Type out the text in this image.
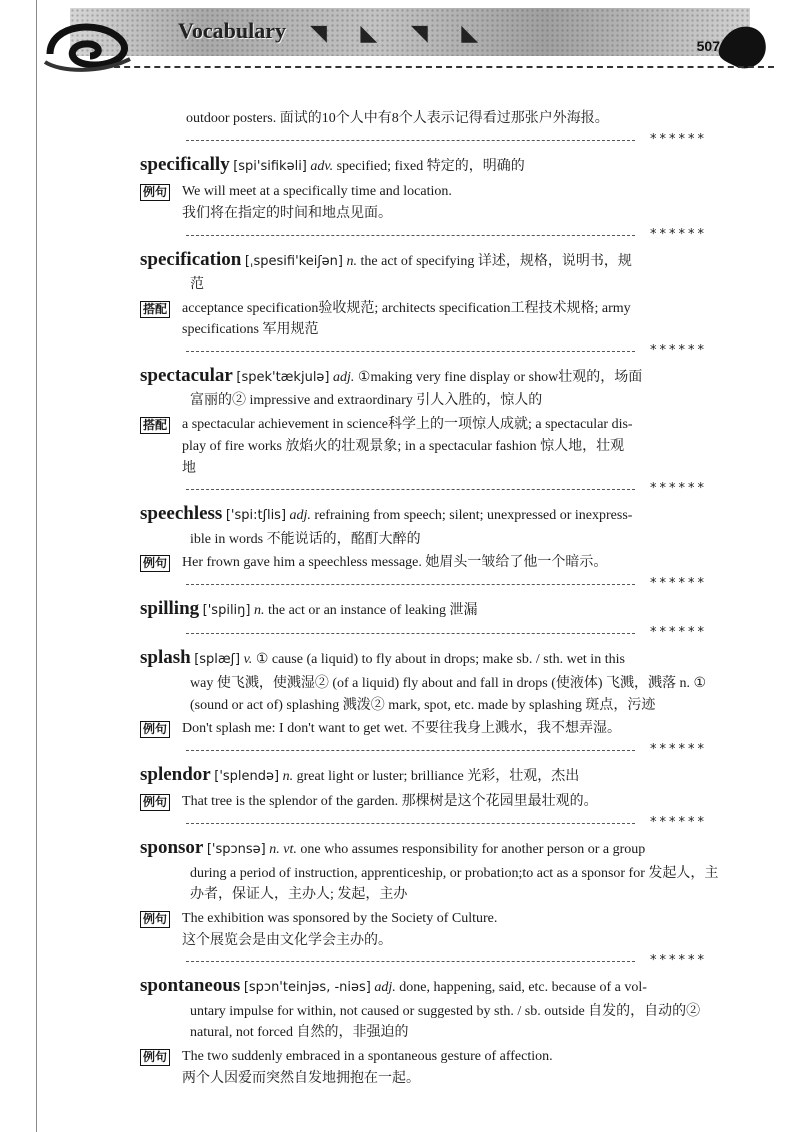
Vocabulary ◥ ◣ ◥ ◣
507
outdoor posters. 面试的10个人中有8个人表示记得看过那张户外海报。
******
specifically [spi'sifikəli] adv. specified; fixed 特定的，明确的
例句 We will meet at a specifically time and location.
我们将在指定的时间和地点见面。
******
specification [ˌspesifi'keiʃən] n. the act of specifying 详述，规格，说明书，规
范
搭配 acceptance specification验收规范; architects specification工程技术规格; army
specifications 军用规范
******
spectacular [spek'tækjulə] adj. ①making very fine display or show壮观的，场面
富丽的② impressive and extraordinary 引人入胜的，惊人的
搭配 a spectacular achievement in science科学上的一项惊人成就; a spectacular dis-
play of fire works 放焰火的壮观景象; in a spectacular fashion 惊人地，壮观
地
******
speechless ['spi:tʃlis] adj. refraining from speech; silent; unexpressed or inexpress-
ible in words 不能说话的，酩酊大醉的
例句 Her frown gave him a speechless message. 她眉头一皱给了他一个暗示。
******
spilling ['spiliŋ] n. the act or an instance of leaking 泄漏
******
splash [splæʃ] v. ① cause (a liquid) to fly about in drops; make sb. / sth. wet in this
way 使飞溅，使溅湿② (of a liquid) fly about and fall in drops (使液体) 飞溅，溅落 n. ① (sound or act of) splashing 溅泼② mark, spot, etc. made by splashing 斑点，污迹
例句 Don't splash me: I don't want to get wet. 不要往我身上溅水，我不想弄湿。
******
splendor ['splendə] n. great light or luster; brilliance 光彩，壮观，杰出
例句 That tree is the splendor of the garden. 那棵树是这个花园里最壮观的。
******
sponsor ['spɔnsə] n. vt. one who assumes responsibility for another person or a group
during a period of instruction, apprenticeship, or probation;to act as a sponsor for 发起人，主办者，保证人，主办人; 发起，主办
例句 The exhibition was sponsored by the Society of Culture.
这个展览会是由文化学会主办的。
******
spontaneous [spɔn'teinjəs, -niəs] adj. done, happening, said, etc. because of a vol-
untary impulse for within, not caused or suggested by sth. / sb. outside 自发的，自动的② natural, not forced 自然的，非强迫的
例句 The two suddenly embraced in a spontaneous gesture of affection.
两个人因爱而突然自发地拥抱在一起。
